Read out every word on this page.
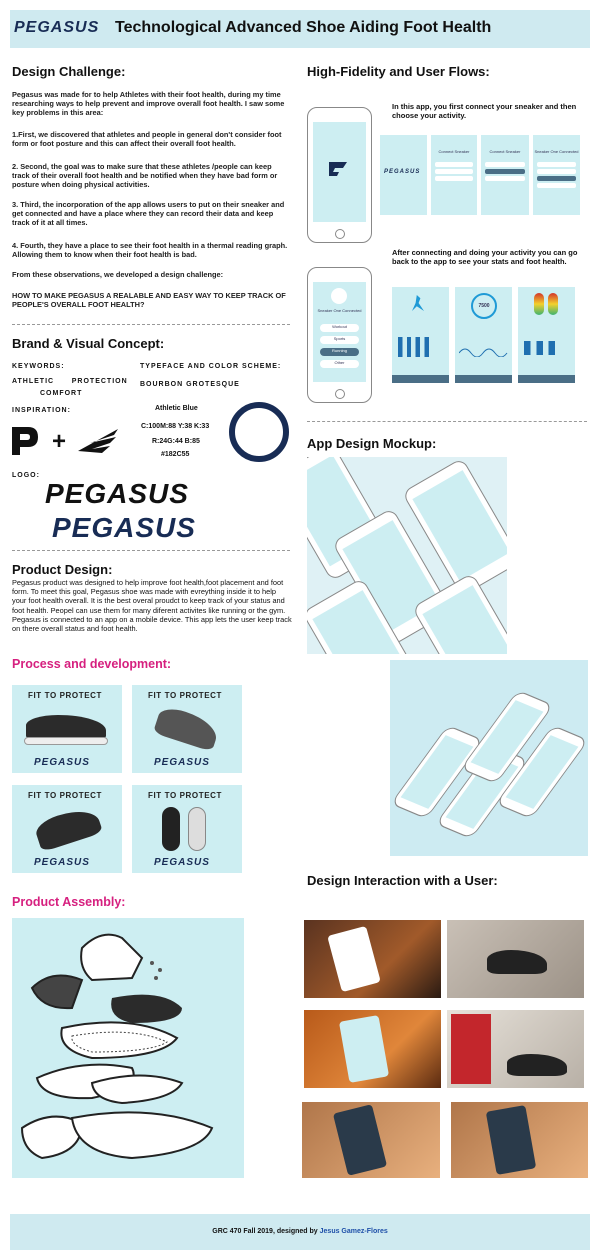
PEGASUS Technological Advanced Shoe Aiding Foot Health
Design Challenge:

Pegasus was made for to help Athletes with their foot health, during my time researching ways to help prevent and improve overall foot health. I saw some key problems in this area:

1.First, we discovered that athletes and people in general don't consider foot form or foot posture and this can affect their overall foot health.

2. Second, the goal was to make sure that these athletes /people can keep track of their overall foot health and be notified when they have bad form or posture when doing physical activities.

3. Third, the incorporation of the app allows users to put on their sneaker and get connected and have a place where they can record their data and keep track of it at all times.

4. Fourth, they have a place to see their foot health in a thermal reading graph. Allowing them to know when their foot health is bad.

From these observations, we developed a design challenge:

HOW TO MAKE PEGASUS A REALABLE AND EASY WAY TO KEEP TRACK OF PEOPLE'S OVERALL FOOT HEALTH?

Brand & Visual Concept:
KEYWORDS:
ATHLETIC      PROTECTION
COMFORT
TYPEFACE AND COLOR SCHEME:
BOURBON GROTESQUE
INSPIRATION:
+
Athletic Blue
C:100M:88 Y:38 K:33
R:24G:44 B:85
#182C55
LOGO:
PEGASUS
PEGASUS
Product Design:

Pegasus product was designed to help improve foot health,foot placement and foot form. To meet this goal, Pegasus shoe was made with evreything inside it to help your foot health overall. It is the best overal proudct to keep track of your status and foot health. Peopel can use them for many diferent activites like running or the gym. Pegasus is connected to an app on a mobile device. This app lets the user keep track on there overall status and foot health.

Process and development:
FIT TO PROTECT
PEGASUS
FIT TO PROTECT
PEGASUS
FIT TO PROTECT
PEGASUS
FIT TO PROTECT
PEGASUS
Product Assembly:
High-Fidelity and User Flows:
In this app, you first connect your sneaker and then choose your activity.
PEGASUS
Connect Sneaker	Connect Sneaker	Sneaker One Connected
Sneaker One Connected
Workout
Sports
Running
Other
After connecting and doing your activity you can go back to the app to see your stats and foot health.
7500
App Design Mockup:
Design Interaction with a User:
GRC 470 Fall 2019, designed by Jesus Gamez-Flores
